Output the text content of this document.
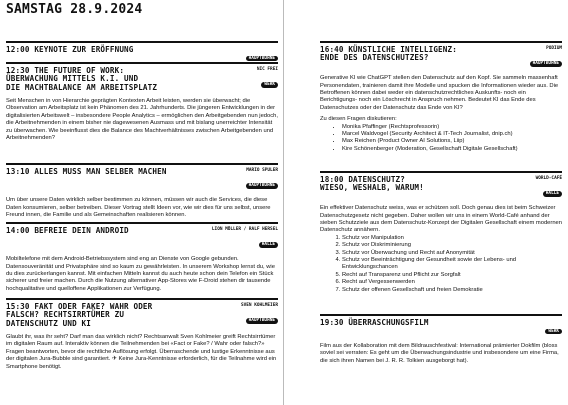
SAMSTAG 28.9.2024
12:00 KEYNOTE ZUR ERÖFFNUNG
HAUPTBÜHNE
12:30 THE FUTURE OF WORK:
ÜBERWACHUNG MITTELS K.I. UND
DIE MACHTBALANCE AM ARBEITSPLATZ
NIC FREI
WERK
Seit Menschen in von Hierarchie geprägten Kontexten Arbeit leisten, werden sie überwacht; die Observation am Arbeitsplatz ist kein Phänomen des 21. Jahrhunderts. Die jüngeren Entwicklungen in der digitalisierten Arbeitswelt – insbesondere People Analytics – ermöglichen den Arbeitgebenden nun jedoch, die Arbeitnehmenden in einem bisher nie dagewesenen Ausmass und mit bislang unerreichter Intensität zu überwachen. Wie beeinflusst dies die Balance des Machtverhältnisses zwischen Arbeitgebenden und Arbeitnehmenden?
13:10 ALLES MUSS MAN SELBER MACHEN	MARIO SPULER
HAUPTBÜHNE
Um über unsere Daten wirklich selber bestimmen zu können, müssen wir auch die Services, die diese Daten konsumieren, selber betreiben. Dieser Vortrag stellt Ideen vor, wie wir dies für uns selbst, unsere Freund innen, die Familie und als Gemeinschaften realisieren können.
14:00 BEFREIE DEIN ANDROID	LION MÖLLER / RALF HERSEL
HALLE
Mobiltelefone mit dem Android-Betriebssystem sind eng an Dienste von Google gebunden. Datensouveränität und Privatsphäre sind so kaum zu gewährleisten. In unserem Workshop lernst du, wie du dies zurückerlangen kannst. Mit einfachen Mitteln kannst du auch heute schon dein Telefon ein Stück sicherer und freier machen. Durch die Nutzung alternativer App-Stores wie F-Droid stehen dir tausende hochqualitative und quelloffene Applikationen zur Verfügung.
15:30 FAKT ODER FAKE? WAHR ODER
FALSCH? RECHTSIRRTÜMER ZU
DATENSCHUTZ UND KI
SVEN KOHLMEIER
HAUPTBÜHNE
Glaubt ihr, was ihr seht? Darf man das wirklich nicht? Rechtsanwalt Sven Kohlmeier greift Rechtsirrtümer im digitalen Raum auf. Interaktiv können die Teilnehmenden bei «Fact or Fake? / Wahr oder falsch?» Fragen beantworten, bevor die rechtliche Auflösung erfolgt. Überraschende und lustige Erkenntnisse aus der digitalen Jura-Bubble sind garantiert. ✈ Keine Jura-Kenntnisse erforderlich, für die Teilnahme wird ein Smartphone benötigt.
16:40 KÜNSTLICHE INTELLIGENZ:
ENDE DES DATENSCHUTZES?
PODIUM
HAUPTBÜHNE
Generative KI wie ChatGPT stellen den Datenschutz auf den Kopf. Sie sammeln massenhaft Personendaten, trainieren damit ihre Modelle und spucken die Informationen wieder aus. Die Betroffenen können dabei weder ein datenschutzrechtliches Auskunfts- noch ein Berichtigungs- noch ein Löschrecht in Anspruch nehmen. Bedeutet KI das Ende des Datenschutzes oder der Datenschutz das Ende von KI?
Zu diesen Fragen diskutieren:
• Monika Pfaffinger (Rechtsprofessorin)
• Marcel Waldvogel (Security Architect & IT-Tech Journalist, dnip.ch)
• Max Reichen (Product Owner AI Solutions, Liip)
• Kire Schönenberger (Moderation, Gesellschaft Digitale Gesellschaft)
18:00 DATENSCHUTZ?
WIESO, WESHALB, WARUM!
WORLD-CAFÉ
HALLE
Ein effektiver Datenschutz weiss, was er schützen soll. Doch genau dies ist beim Schweizer Datenschutzgesetz nicht gegeben. Daher wollen wir uns in einem World-Café anhand der sieben Schutzziele aus dem Datenschutz-Konzept der Digitalen Gesellschaft einem modernen Datenschutz annähern.
1. Schutz vor Manipulation
2. Schutz vor Diskriminierung
3. Schutz vor Überwachung und Recht auf Anonymität
4. Schutz vor Beeinträchtigung der Gesundheit sowie der Lebens- und Entwicklungschancen
5. Recht auf Transparenz und Pflicht zur Sorgfalt
6. Recht auf Vergessenwerden
7. Schutz der offenen Gesellschaft und freien Demokratie
19:30 ÜBERRASCHUNGSFILM
WERK
Film aus der Kollaboration mit dem Bildrauschfestival: International prämierter Dokfilm (bloss soviel sei verraten: Es geht um die Überwachungsindustrie und insbesondere um eine Firma, die sich ihren Namen bei J. R. R. Tolkien ausgeborgt hat).
